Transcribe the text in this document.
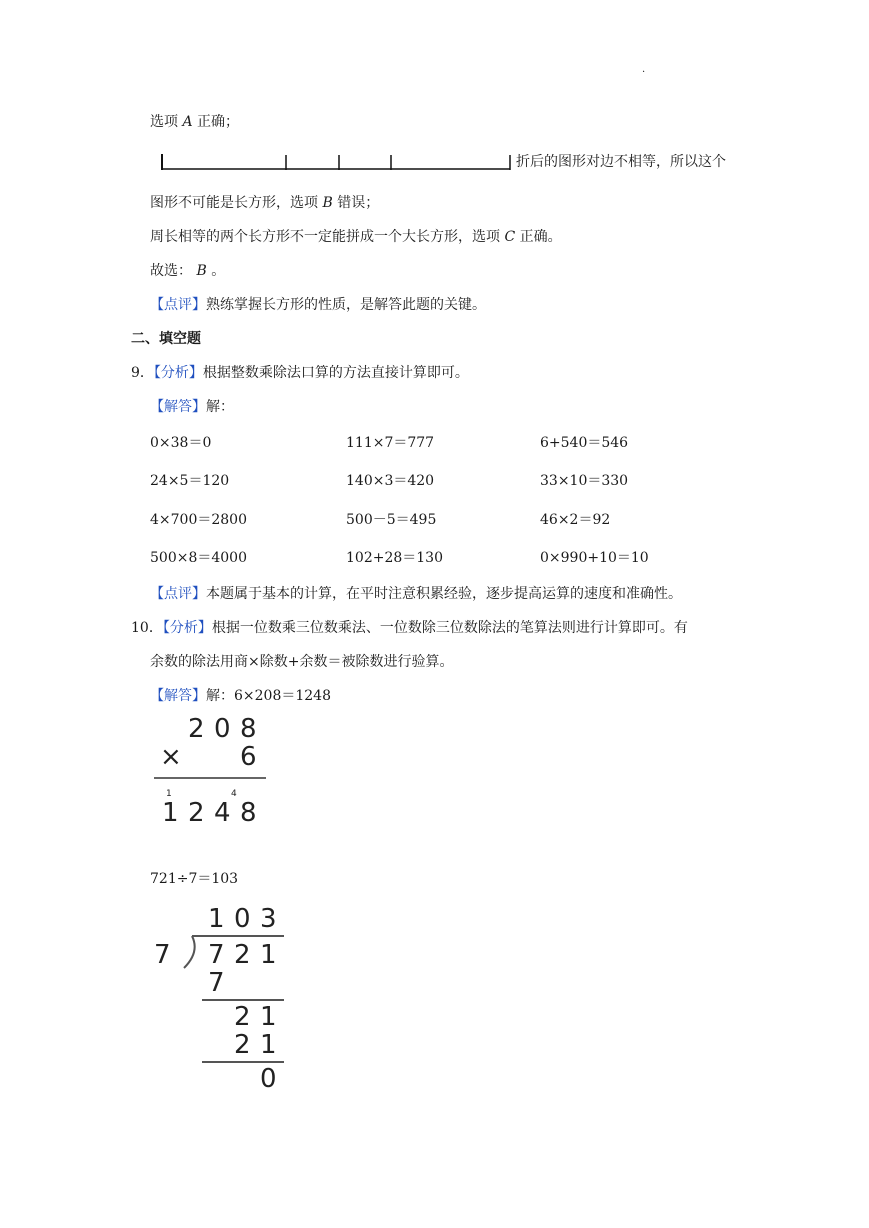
.
选项 A 正确；
折后的图形对边不相等，所以这个
图形不可能是长方形，选项 B 错误；
周长相等的两个长方形不一定能拼成一个大长方形，选项 C 正确。
故选： B 。
【点评】熟练掌握长方形的性质，是解答此题的关键。
二、填空题
9．【分析】根据整数乘除法口算的方法直接计算即可。
【解答】解：
0×38＝0	111×7＝777	6+540＝546
24×5＝120	140×3＝420	33×10＝330
4×700＝2800	500－5＝495	46×2＝92
500×8＝4000	102+28＝130	0×990+10＝10
【点评】本题属于基本的计算，在平时注意积累经验，逐步提高运算的速度和准确性。
10．【分析】根据一位数乘三位数乘法、一位数除三位数除法的笔算法则进行计算即可。有
余数的除法用商×除数+余数＝被除数进行验算。
【解答】解：6×208＝1248
2 0 8
× 6
1	4
1 2 4 8
721÷7＝103
1 0 3
7 7 2 1
7
2 1
2 1
0
